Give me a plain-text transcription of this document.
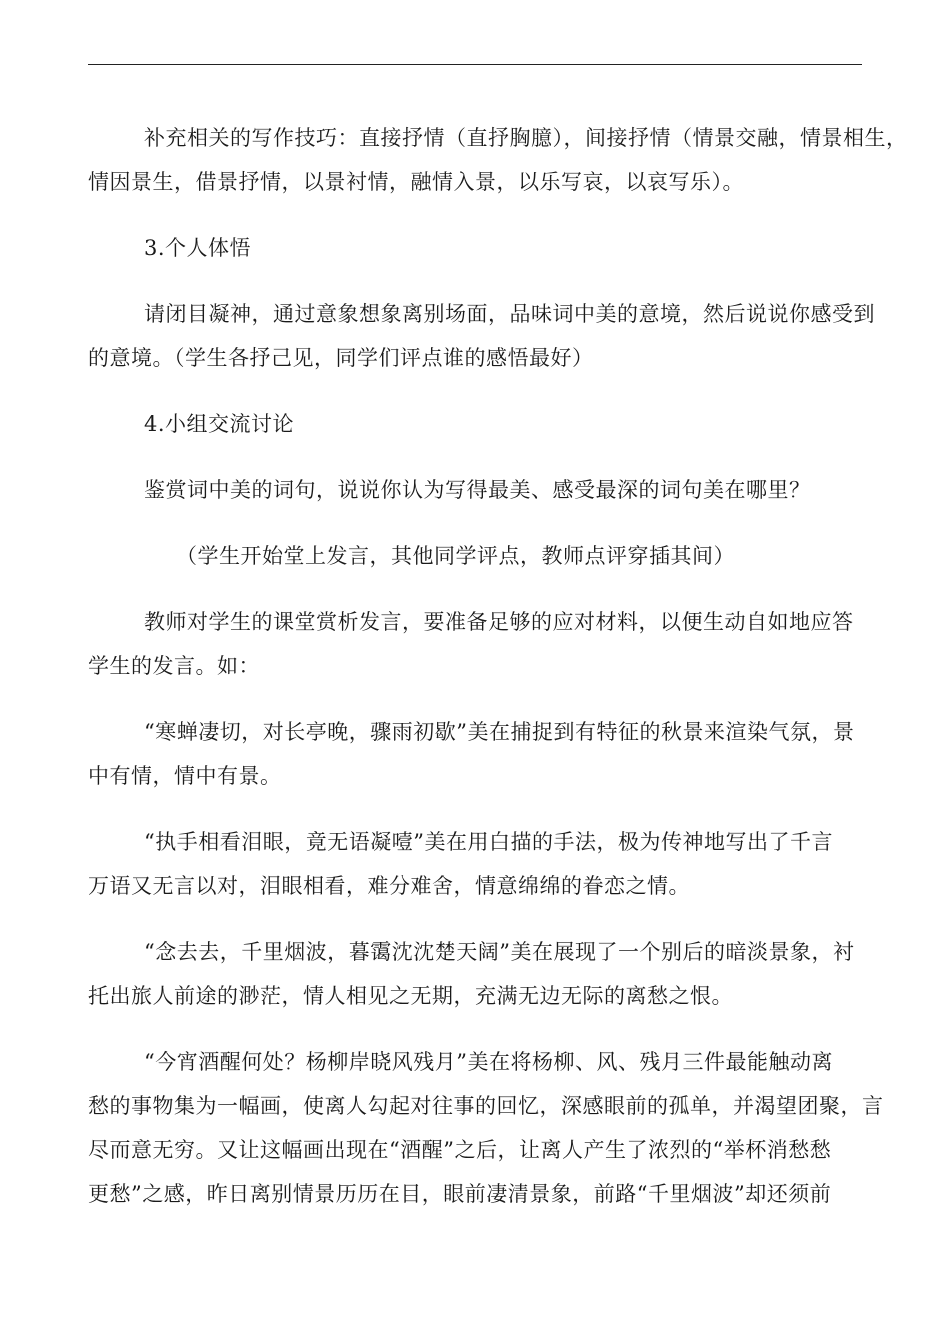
补充相关的写作技巧：直接抒情（直抒胸臆），间接抒情（情景交融，情景相生，
情因景生，借景抒情，以景衬情，融情入景，以乐写哀，以哀写乐）。
3.个人体悟
请闭目凝神，通过意象想象离别场面，品味词中美的意境，然后说说你感受到
的意境。（学生各抒己见，同学们评点谁的感悟最好）
4.小组交流讨论
鉴赏词中美的词句，说说你认为写得最美、感受最深的词句美在哪里？
（学生开始堂上发言，其他同学评点，教师点评穿插其间）
教师对学生的课堂赏析发言，要准备足够的应对材料，以便生动自如地应答
学生的发言。如：
“寒蝉凄切，对长亭晚，骤雨初歇”美在捕捉到有特征的秋景来渲染气氛，景
中有情，情中有景。
“执手相看泪眼，竟无语凝噎”美在用白描的手法，极为传神地写出了千言
万语又无言以对，泪眼相看，难分难舍，情意绵绵的眷恋之情。
“念去去，千里烟波，暮霭沈沈楚天阔”美在展现了一个别后的暗淡景象，衬
托出旅人前途的渺茫，情人相见之无期，充满无边无际的离愁之恨。
“今宵酒醒何处？杨柳岸晓风残月”美在将杨柳、风、残月三件最能触动离
愁的事物集为一幅画，使离人勾起对往事的回忆，深感眼前的孤单，并渴望团聚，言
尽而意无穷。又让这幅画出现在“酒醒”之后，让离人产生了浓烈的“举杯消愁愁
更愁”之感，昨日离别情景历历在目，眼前凄清景象，前路“千里烟波”却还须前
